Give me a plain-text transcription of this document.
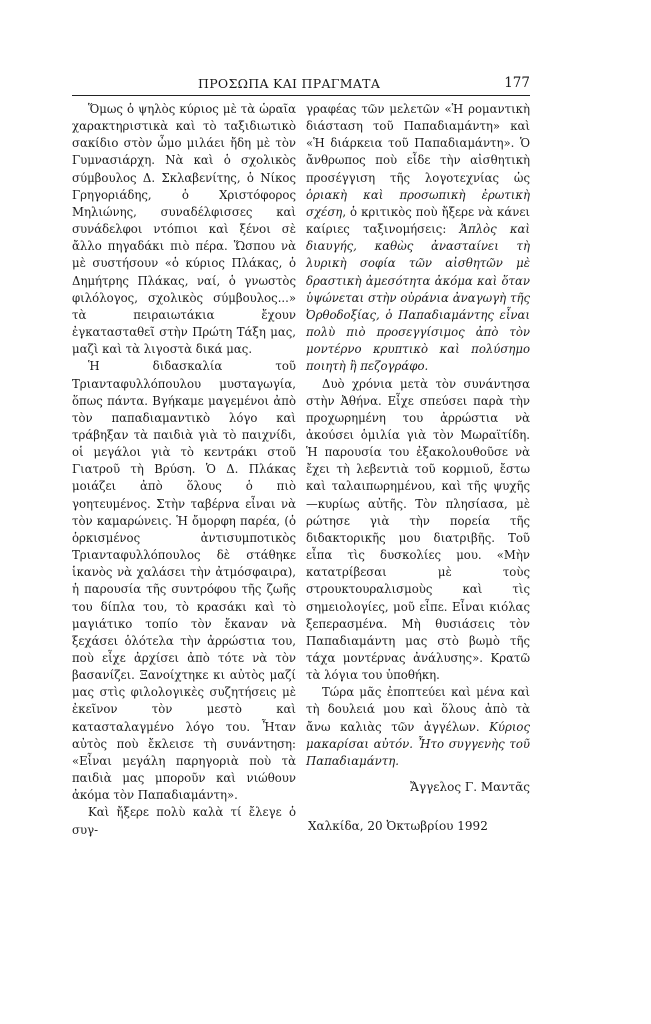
ΠΡΟΣΩΠΑ ΚΑΙ ΠΡΑΓΜΑΤΑ	177

Ὅμως ὁ ψηλὸς κύριος μὲ τὰ ὡραῖα χαρακτηριστικὰ καὶ τὸ ταξιδιωτικὸ σακίδιο στὸν ὦμο μιλάει ἤδη μὲ τὸν Γυμνασιάρχη. Νὰ καὶ ὁ σχολικὸς σύμβουλος Δ. Σκλαβενίτης, ὁ Νίκος Γρηγοριάδης, ὁ Χριστόφορος Μηλιώνης, συναδέλφισσες καὶ συνάδελφοι ντόπιοι καὶ ξένοι σὲ ἄλλο πηγαδάκι πιὸ πέρα. Ὥσπου νὰ μὲ συστήσουν «ὁ κύριος Πλάκας, ὁ Δημήτρης Πλάκας, ναί, ὁ γνωστὸς φιλόλογος, σχολικὸς σύμβουλος...» τὰ πειραιωτάκια ἔχουν ἐγκατασταθεῖ στὴν Πρώτη Τάξη μας, μαζὶ καὶ τὰ λιγοστὰ δικά μας.

Ἡ διδασκαλία τοῦ Τριανταφυλλόπουλου μυσταγωγία, ὅπως πάντα. Βγήκαμε μαγεμένοι ἀπὸ τὸν παπαδιαμαντικὸ λόγο καὶ τράβηξαν τὰ παιδιὰ γιὰ τὸ παιχνίδι, οἱ μεγάλοι γιὰ τὸ κεντράκι στοῦ Γιατροῦ τὴ Βρύση. Ὁ Δ. Πλάκας μοιάζει ἀπὸ ὅλους ὁ πιὸ γοητευμένος. Στὴν ταβέρνα εἶναι νὰ τὸν καμαρώνεις. Ἡ ὄμορφη παρέα, (ὁ ὁρκισμένος ἀντισυμποτικὸς Τριανταφυλλόπουλος δὲ στάθηκε ἱκανὸς νὰ χαλάσει τὴν ἀτμόσφαιρα), ἡ παρουσία τῆς συντρόφου τῆς ζωῆς του δίπλα του, τὸ κρασάκι καὶ τὸ μαγιάτικο τοπίο τὸν ἔκαναν νὰ ξεχάσει ὁλότελα τὴν ἀρρώστια του, ποὺ εἶχε ἀρχίσει ἀπὸ τότε νὰ τὸν βασανίζει. Ξανοίχτηκε κι αὐτὸς μαζί μας στὶς φιλολογικὲς συζητήσεις μὲ ἐκεῖνον τὸν μεστὸ καὶ κατασταλαγμένο λόγο του. Ἦταν αὐτὸς ποὺ ἔκλεισε τὴ συνάντηση: «Εἶναι μεγάλη παρηγοριὰ ποὺ τὰ παιδιὰ μας μποροῦν καὶ νιώθουν ἀκόμα τὸν Παπαδιαμάντη».

Καὶ ἤξερε πολὺ καλὰ τί ἔλεγε ὁ συγ-

γραφέας τῶν μελετῶν «Ἡ ρομαντικὴ διάσταση τοῦ Παπαδιαμάντη» καὶ «Ἡ διάρκεια τοῦ Παπαδιαμάντη». Ὁ ἄνθρωπος ποὺ εἶδε τὴν αἰσθητικὴ προσέγγιση τῆς λογοτεχνίας ὡς ὁριακὴ καὶ προσωπικὴ ἐρωτικὴ σχέση, ὁ κριτικὸς ποὺ ἤξερε νὰ κάνει καίριες ταξινομήσεις: Ἁπλὸς καὶ διαυγής, καθὼς ἀνασταίνει τὴ λυρικὴ σοφία τῶν αἰσθητῶν μὲ δραστικὴ ἀμεσότητα ἀκόμα καὶ ὅταν ὑψώνεται στὴν οὐράνια ἀναγωγὴ τῆς Ὀρθοδοξίας, ὁ Παπαδιαμάντης εἶναι πολὺ πιὸ προσεγγίσιμος ἀπὸ τὸν μοντέρνο κρυπτικὸ καὶ πολύσημο ποιητὴ ἢ πεζογράφο.

Δυὸ χρόνια μετὰ τὸν συνάντησα στὴν Ἀθήνα. Εἶχε σπεύσει παρὰ τὴν προχωρημένη του ἀρρώστια νὰ ἀκούσει ὁμιλία γιὰ τὸν Μωραϊτίδη. Ἡ παρουσία του ἐξακολουθοῦσε νὰ ἔχει τὴ λεβεντιὰ τοῦ κορμιοῦ, ἔστω καὶ ταλαιπωρημένου, καὶ τῆς ψυχῆς —κυρίως αὐτῆς. Τὸν πλησίασα, μὲ ρώτησε γιὰ τὴν πορεία τῆς διδακτορικῆς μου διατριβῆς. Τοῦ εἶπα τὶς δυσκολίες μου. «Μὴν κατατρίβεσαι μὲ τοὺς στρουκτουραλισμοὺς καὶ τὶς σημειολογίες, μοῦ εἶπε. Εἶναι κιόλας ξεπερασμένα. Μὴ θυσιάσεις τὸν Παπαδιαμάντη μας στὸ βωμὸ τῆς τάχα μοντέρνας ἀνάλυσης». Κρατῶ τὰ λόγια του ὑποθήκη.

Τώρα μᾶς ἐποπτεύει καὶ μένα καὶ τὴ δουλειά μου καὶ ὅλους ἀπὸ τὰ ἄνω καλιὰς τῶν ἀγγέλων. Κύριος μακαρίσαι αὐτόν. Ἦτο συγγενὴς τοῦ Παπαδιαμάντη.

Ἄγγελος Γ. Μαντᾶς
Χαλκίδα, 20 Ὀκτωβρίου 1992
